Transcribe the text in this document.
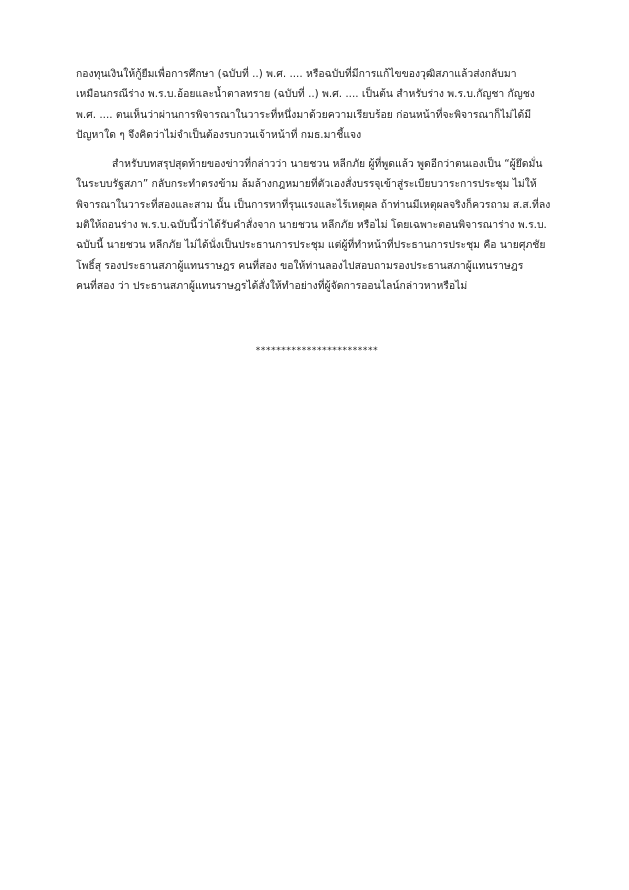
กองทุนเงินให้กู้ยืมเพื่อการศึกษา (ฉบับที่ ..) พ.ศ. .... หรือฉบับที่มีการแก้ไขของวุฒิสภาแล้วส่งกลับมา
เหมือนกรณีร่าง พ.ร.บ.อ้อยและน้ำตาลทราย (ฉบับที่ ..) พ.ศ. .... เป็นต้น สำหรับร่าง พ.ร.บ.กัญชา กัญชง
พ.ศ. .... ตนเห็นว่าผ่านการพิจารณาในวาระที่หนึ่งมาด้วยความเรียบร้อย ก่อนหน้าที่จะพิจารณาก็ไม่ได้มี
ปัญหาใด ๆ จึงคิดว่าไม่จำเป็นต้องรบกวนเจ้าหน้าที่ กมธ.มาชี้แจง

สำหรับบทสรุปสุดท้ายของข่าวที่กล่าวว่า นายชวน หลีกภัย ผู้ที่พูดแล้ว พูดอีกว่าตนเองเป็น “ผู้ยึดมั่น
ในระบบรัฐสภา” กลับกระทำตรงข้าม ล้มล้างกฎหมายที่ตัวเองสั่งบรรจุเข้าสู่ระเบียบวาระการประชุม ไม่ให้
พิจารณาในวาระที่สองและสาม นั้น เป็นการหาที่รุนแรงและไร้เหตุผล ถ้าท่านมีเหตุผลจริงก็ควรถาม ส.ส.ที่ลง
มติให้ถอนร่าง พ.ร.บ.ฉบับนี้ว่าได้รับคำสั่งจาก นายชวน หลีกภัย หรือไม่ โดยเฉพาะตอนพิจารณาร่าง พ.ร.บ.
ฉบับนี้ นายชวน หลีกภัย ไม่ได้นั่งเป็นประธานการประชุม แต่ผู้ที่ทำหน้าที่ประธานการประชุม คือ นายศุภชัย
โพธิ์สุ รองประธานสภาผู้แทนราษฎร คนที่สอง ขอให้ท่านลองไปสอบถามรองประธานสภาผู้แทนราษฎร
คนที่สอง ว่า ประธานสภาผู้แทนราษฎรได้สั่งให้ทำอย่างที่ผู้จัดการออนไลน์กล่าวหาหรือไม่

************************
